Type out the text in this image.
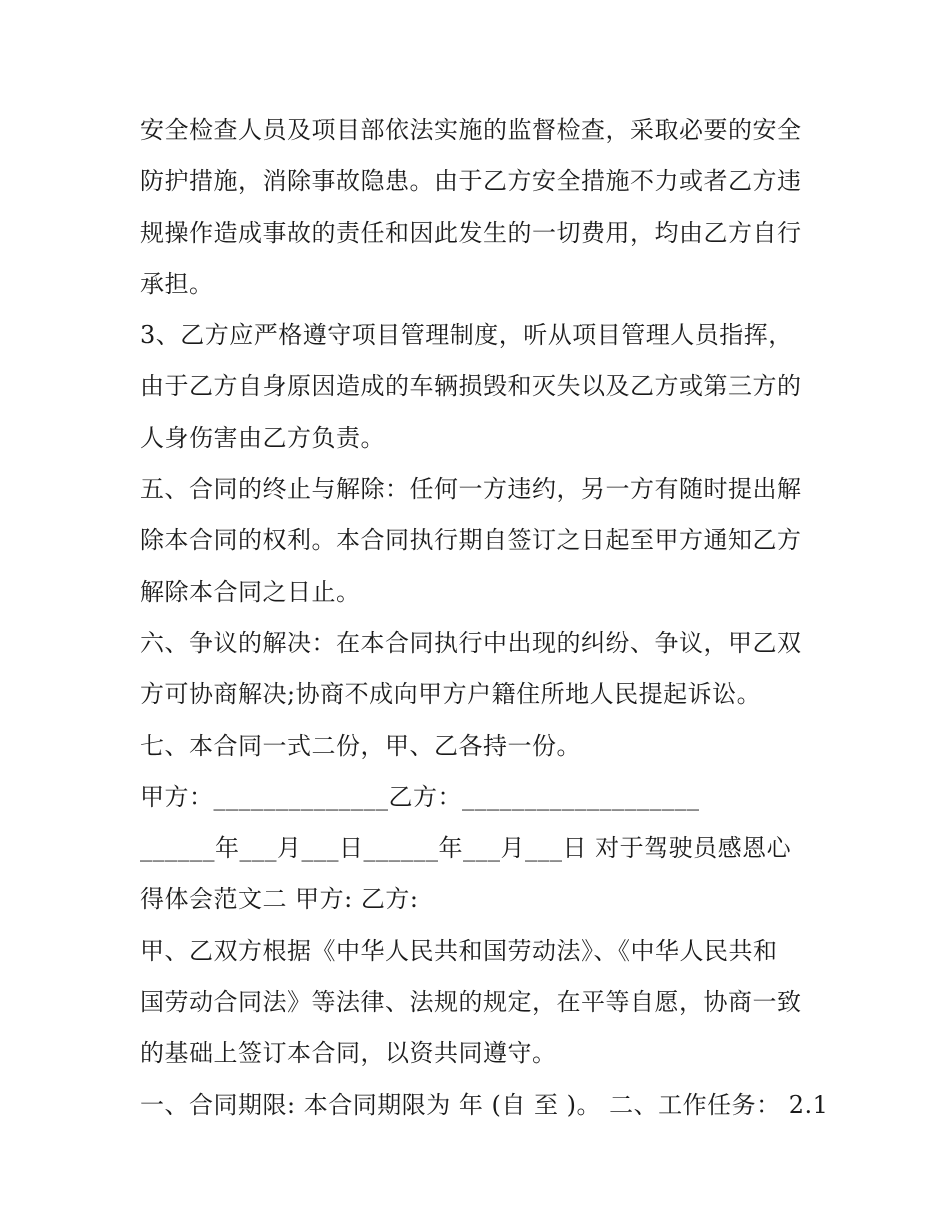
安全检查人员及项目部依法实施的监督检查，采取必要的安全
防护措施，消除事故隐患。由于乙方安全措施不力或者乙方违
规操作造成事故的责任和因此发生的一切费用，均由乙方自行
承担。
3、乙方应严格遵守项目管理制度，听从项目管理人员指挥，
由于乙方自身原因造成的车辆损毁和灭失以及乙方或第三方的
人身伤害由乙方负责。
五、合同的终止与解除：任何一方违约，另一方有随时提出解
除本合同的权利。本合同执行期自签订之日起至甲方通知乙方
解除本合同之日止。
六、争议的解决：在本合同执行中出现的纠纷、争议，甲乙双
方可协商解决;协商不成向甲方户籍住所地人民提起诉讼。
七、本合同一式二份，甲、乙各持一份。
甲方：______________乙方：___________________
______年___月___日______年___月___日 对于驾驶员感恩心
得体会范文二 甲方: 乙方:
甲、乙双方根据《中华人民共和国劳动法》、《中华人民共和
国劳动合同法》等法律、法规的规定，在平等自愿，协商一致
的基础上签订本合同，以资共同遵守。
一、合同期限: 本合同期限为 年 (自 至 )。 二、工作任务： 2.1
